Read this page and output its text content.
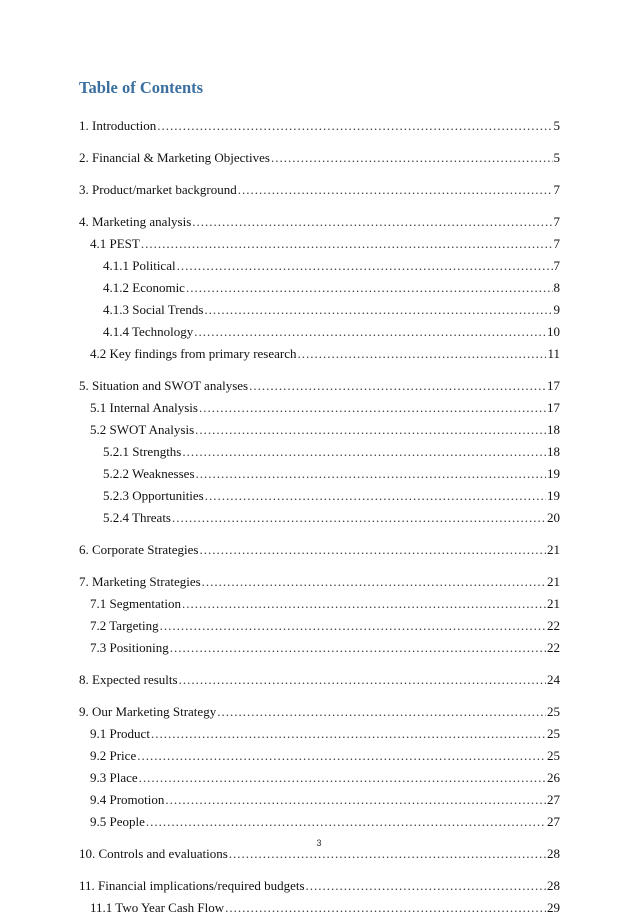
Table of Contents
1. Introduction .....	5
2. Financial & Marketing Objectives .....	5
3. Product/market background .....	7
4. Marketing analysis .....	7
4.1 PEST .....	7
4.1.1 Political .....	7
4.1.2 Economic .....	8
4.1.3 Social Trends .....	9
4.1.4 Technology .....	10
4.2 Key findings from primary research .....	11
5. Situation and SWOT analyses .....	17
5.1 Internal Analysis .....	17
5.2 SWOT Analysis .....	18
5.2.1 Strengths .....	18
5.2.2 Weaknesses .....	19
5.2.3 Opportunities .....	19
5.2.4 Threats .....	20
6. Corporate Strategies .....	21
7. Marketing Strategies .....	21
7.1 Segmentation .....	21
7.2 Targeting .....	22
7.3 Positioning .....	22
8. Expected results .....	24
9. Our Marketing Strategy .....	25
9.1 Product .....	25
9.2 Price .....	25
9.3 Place .....	26
9.4 Promotion .....	27
9.5 People .....	27
10. Controls and evaluations .....	28
11. Financial implications/required budgets .....	28
11.1 Two Year Cash Flow .....	29
3
